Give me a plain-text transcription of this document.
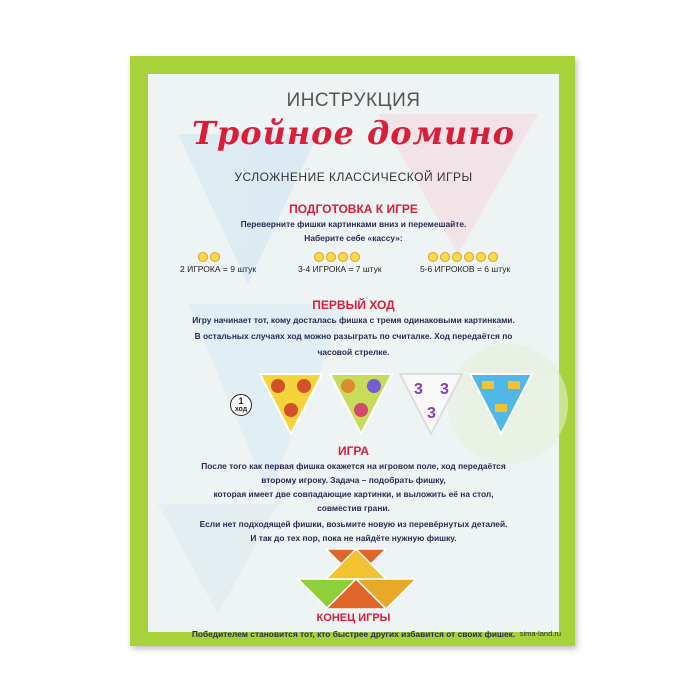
ИНСТРУКЦИЯ
Тройное домино
УСЛОЖНЕНИЕ КЛАССИЧЕСКОЙ ИГРЫ
ПОДГОТОВКА К ИГРЕ
Переверните фишки картинками вниз и перемешайте.
Наберите себе «кассу»:
2 ИГРОКА = 9 штук	3-4 ИГРОКА = 7 штук	5-6 ИГРОКОВ = 6 штук
ПЕРВЫЙ ХОД
Игру начинает тот, кому досталась фишка с тремя одинаковыми картинками.
В остальных случаях ход можно разыграть по считалке. Ход передаётся по
часовой стрелке.
1
ход
3 3
3
ИГРА
После того как первая фишка окажется на игровом поле, ход передаётся
второму игроку. Задача – подобрать фишку,
которая имеет две совпадающие картинки, и выложить её на стол,
совместив грани.
Если нет подходящей фишки, возьмите новую из перевёрнутых деталей.
И так до тех пор, пока не найдёте нужную фишку.
КОНЕЦ ИГРЫ
Победителем становится тот, кто быстрее других избавится от своих фишек. sima-land.ru
